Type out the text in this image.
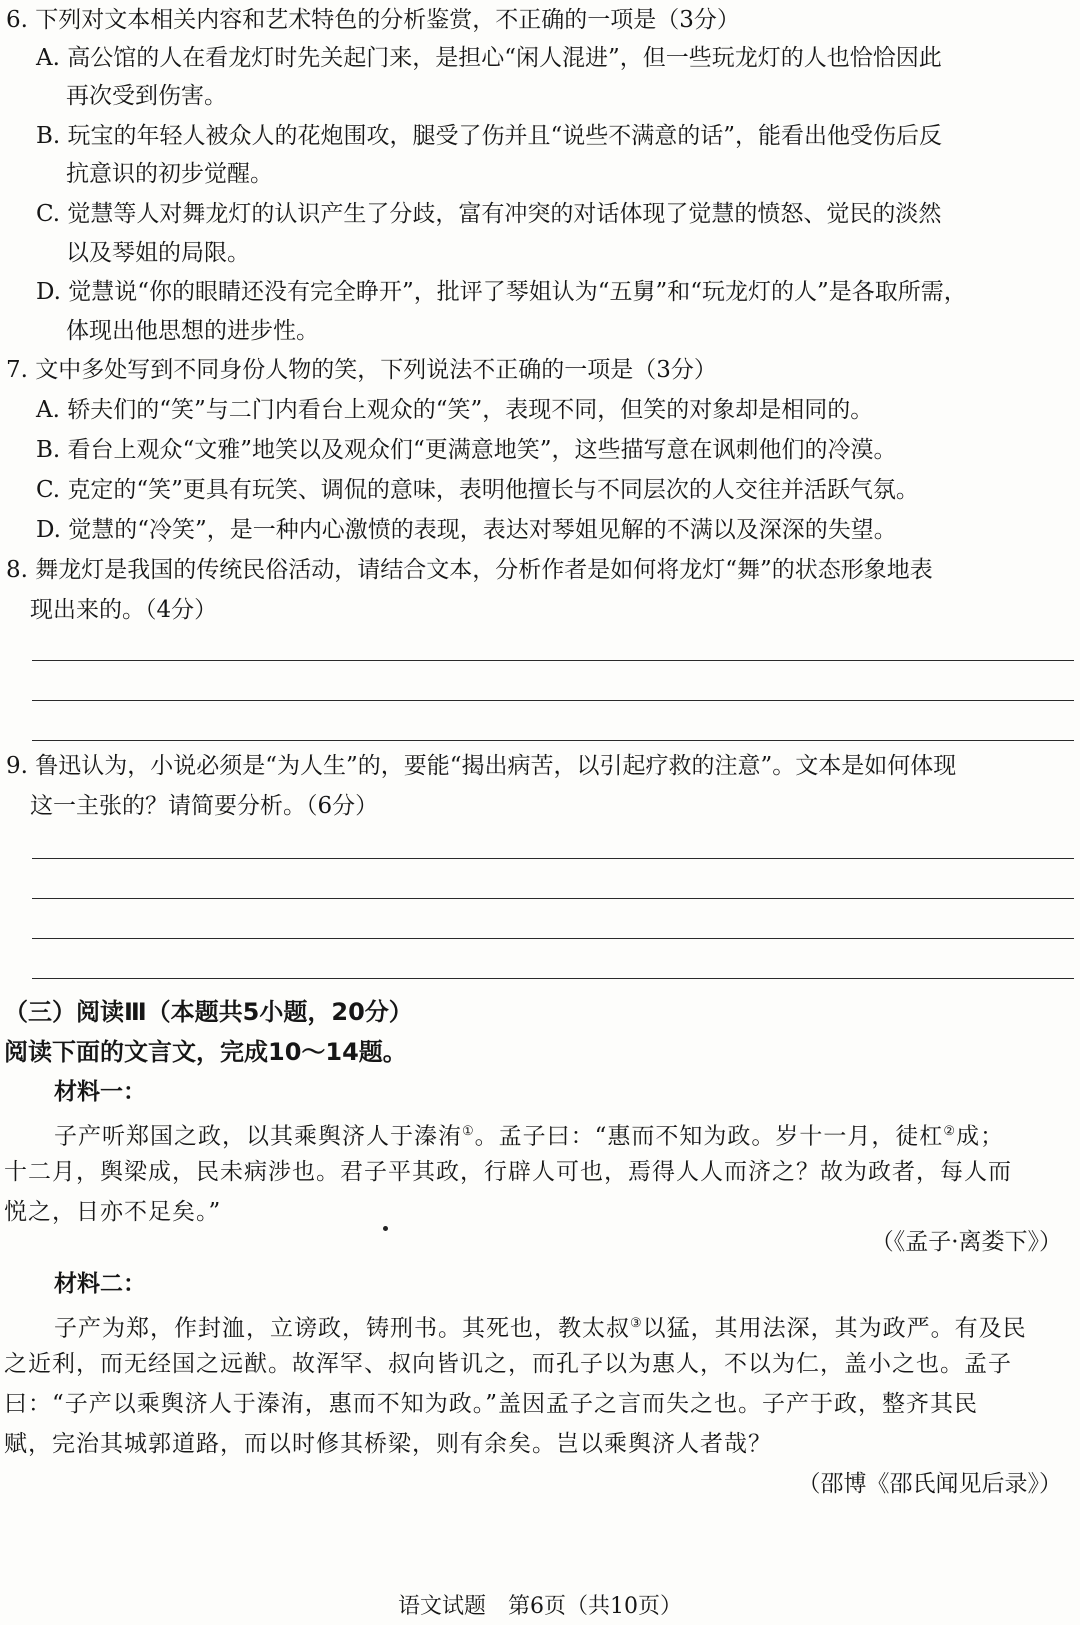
6. 下列对文本相关内容和艺术特色的分析鉴赏，不正确的一项是（3分）
A. 高公馆的人在看龙灯时先关起门来，是担心“闲人混进”，但一些玩龙灯的人也恰恰因此
再次受到伤害。
B. 玩宝的年轻人被众人的花炮围攻，腿受了伤并且“说些不满意的话”，能看出他受伤后反
抗意识的初步觉醒。
C. 觉慧等人对舞龙灯的认识产生了分歧，富有冲突的对话体现了觉慧的愤怒、觉民的淡然
以及琴姐的局限。
D. 觉慧说“你的眼睛还没有完全睁开”，批评了琴姐认为“五舅”和“玩龙灯的人”是各取所需，
体现出他思想的进步性。
7. 文中多处写到不同身份人物的笑，下列说法不正确的一项是（3分）
A. 轿夫们的“笑”与二门内看台上观众的“笑”，表现不同，但笑的对象却是相同的。
B. 看台上观众“文雅”地笑以及观众们“更满意地笑”，这些描写意在讽刺他们的冷漠。
C. 克定的“笑”更具有玩笑、调侃的意味，表明他擅长与不同层次的人交往并活跃气氛。
D. 觉慧的“冷笑”，是一种内心激愤的表现，表达对琴姐见解的不满以及深深的失望。
8. 舞龙灯是我国的传统民俗活动，请结合文本，分析作者是如何将龙灯“舞”的状态形象地表
现出来的。（4分）
9. 鲁迅认为，小说必须是“为人生”的，要能“揭出病苦，以引起疗救的注意”。文本是如何体现
这一主张的？请简要分析。（6分）
（三）阅读Ⅲ（本题共5小题，20分）
阅读下面的文言文，完成10～14题。
材料一：
子产听郑国之政，以其乘舆济人于溱洧①。孟子曰：“惠而不知为政。岁十一月，徒杠②成；
十二月，舆梁成，民未病涉也。君子平其政，行辟人可也，焉得人人而济之？故为政者，每人而
悦之，日亦不足矣。”
（《孟子·离娄下》）
材料二：
子产为郑，作封洫，立谤政，铸刑书。其死也，教太叔③以猛，其用法深，其为政严。有及民
之近利，而无经国之远猷。故浑罕、叔向皆讥之，而孔子以为惠人，不以为仁，盖小之也。孟子
曰：“子产以乘舆济人于溱洧，惠而不知为政。”盖因孟子之言而失之也。子产于政，整齐其民
赋，完治其城郭道路，而以时修其桥梁，则有余矣。岂以乘舆济人者哉？
（邵博《邵氏闻见后录》）
语文试题　第6页（共10页）
